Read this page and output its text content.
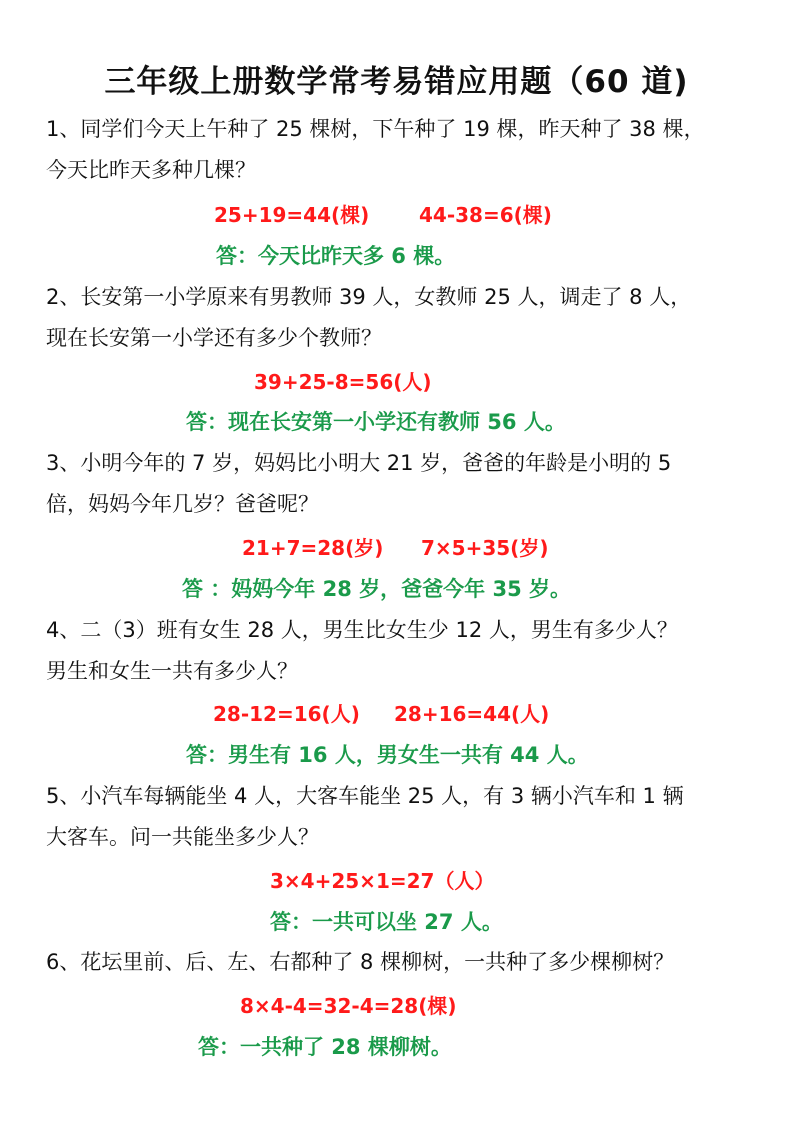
三年级上册数学常考易错应用题（60 道)
1、同学们今天上午种了 25 棵树，下午种了 19 棵，昨天种了 38 棵，
今天比昨天多种几棵？
25+19=44(棵) 44-38=6(棵)
答：今天比昨天多 6 棵。
2、长安第一小学原来有男教师 39 人，女教师 25 人，调走了 8 人，
现在长安第一小学还有多少个教师？
39+25-8=56(人)
答：现在长安第一小学还有教师 56 人。
3、小明今年的 7 岁，妈妈比小明大 21 岁，爸爸的年龄是小明的 5
倍，妈妈今年几岁？爸爸呢？
21+7=28(岁) 7×5+35(岁)
答 ：妈妈今年 28 岁，爸爸今年 35 岁。
4、二（3）班有女生 28 人，男生比女生少 12 人，男生有多少人？
男生和女生一共有多少人？
28-12=16(人) 28+16=44(人)
答：男生有 16 人，男女生一共有 44 人。
5、小汽车每辆能坐 4 人，大客车能坐 25 人，有 3 辆小汽车和 1 辆
大客车。问一共能坐多少人？
3×4+25×1=27（人）
答：一共可以坐 27 人。
6、花坛里前、后、左、右都种了 8 棵柳树，一共种了多少棵柳树？
8×4-4=32-4=28(棵)
答：一共种了 28 棵柳树。
